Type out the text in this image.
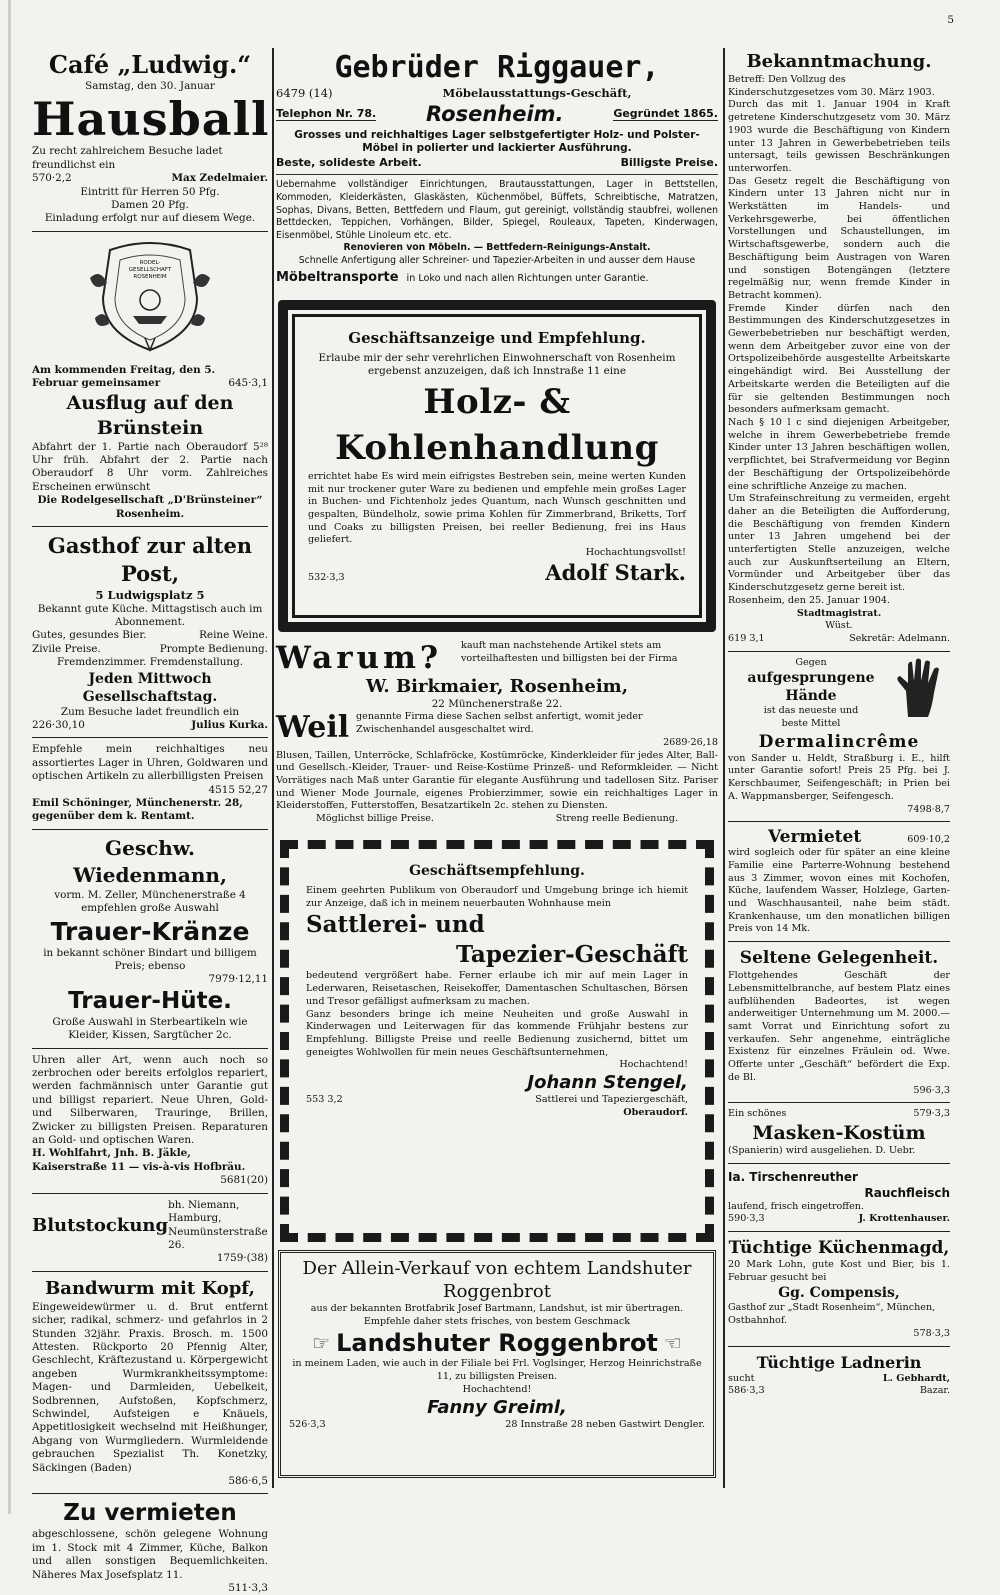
Café „Ludwig.“

Samstag, den 30. Januar

Hausball

Zu recht zahlreichem Besuche ladet freundlichst ein

570·2,2	Max Zedelmaier.

Eintritt für Herren 50 Pfg.

Damen 20 Pfg.

Einladung erfolgt nur auf diesem Wege.

RODEL-GESELLSCHAFT ROSENHEIM

Am kommenden Freitag, den 5. Februar gemeinsamer	645·3,1

Ausflug auf den Brünstein

Abfahrt der 1. Partie nach Oberaudorf 5²⁸ Uhr früh. Abfahrt der 2. Partie nach Oberaudorf 8 Uhr vorm. Zahlreiches Erscheinen erwünscht

Die Rodelgesellschaft „D'Brünsteiner“ Rosenheim.

Gasthof zur alten Post,

5 Ludwigsplatz 5

Bekannt gute Küche. Mittagstisch auch im Abonnement.

Gutes, gesundes Bier.	Reine Weine.
Zivile Preise.	Prompte Bedienung.

Fremdenzimmer. Fremdenstallung.

Jeden Mittwoch Gesellschaftstag.

Zum Besuche ladet freundlich ein

226·30,10	Julius Kurka.

Empfehle mein reichhaltiges neu assortiertes Lager in Uhren, Goldwaren und optischen Artikeln zu allerbilligsten Preisen

4515 52,27

Emil Schöninger, Münchenerstr. 28, gegenüber dem k. Rentamt.

Geschw. Wiedenmann,

vorm. M. Zeller, Münchenerstraße 4 empfehlen große Auswahl

Trauer-Kränze

in bekannt schöner Bindart und billigem Preis; ebenso

7979·12,11

Trauer-Hüte.

Große Auswahl in Sterbeartikeln wie Kleider, Kissen, Sargtücher 2c.

Uhren aller Art, wenn auch noch so zerbrochen oder bereits erfolglos repariert, werden fachmännisch unter Garantie gut und billigst repariert. Neue Uhren, Gold- und Silberwaren, Trauringe, Brillen, Zwicker zu billigsten Preisen. Reparaturen an Gold- und optischen Waren.

H. Wohlfahrt, Jnh. B. Jäkle, Kaiserstraße 11 — vis-à-vis Hofbräu.

5681(20)

Blutstockung
bh. Niemann, Hamburg, Neumünsterstraße 26.

1759·(38)

Bandwurm mit Kopf,

Eingeweidewürmer u. d. Brut entfernt sicher, radikal, schmerz- und gefahrlos in 2 Stunden 32jähr. Praxis. Brosch. m. 1500 Attesten. Rückporto 20 Pfennig Alter, Geschlecht, Kräftezustand u. Körpergewicht angeben Wurmkrankheitssymptome: Magen- und Darmleiden, Uebelkeit, Sodbrennen, Aufstoßen, Kopfschmerz, Schwindel, Aufsteigen e Knäuels, Appetitlosigkeit wechselnd mit Heißhunger, Abgang von Wurmgliedern. Wurmleidende gebrauchen Spezialist Th. Konetzky, Säckingen (Baden)

586·6,5

Zu vermieten

abgeschlossene, schön gelegene Wohnung im 1. Stock mit 4 Zimmer, Küche, Balkon und allen sonstigen Bequemlichkeiten. Näheres Max Josefsplatz 11.

511·3,3

Gebrüder Riggauer,

6479 (14)	Möbelausstattungs-Geschäft,
Telephon Nr. 78. Rosenheim.	Gegründet 1865.

Grosses und reichhaltiges Lager selbstgefertigter Holz- und Polster-

Möbel in polierter und lackierter Ausführung.

Beste, solideste Arbeit.	Billigste Preise.

Uebernahme vollständiger Einrichtungen, Brautausstattungen, Lager in Bettstellen, Kommoden, Kleiderkästen, Glaskästen, Küchenmöbel, Büffets, Schreibtische, Matratzen, Sophas, Divans, Betten, Bettfedern und Flaum, gut gereinigt, vollständig staubfrei, wollenen Bettdecken, Teppichen, Vorhängen, Bilder, Spiegel, Rouleaux, Tapeten, Kinderwagen, Eisenmöbel, Stühle Linoleum etc. etc.

Renovieren von Möbeln. — Bettfedern-Reinigungs-Anstalt.

Schnelle Anfertigung aller Schreiner- und Tapezier-Arbeiten in und ausser dem Hause

Möbeltransporte in Loko und nach allen Richtungen unter Garantie.

Geschäftsanzeige und Empfehlung.

Erlaube mir der sehr verehrlichen Einwohnerschaft von Rosenheim ergebenst anzuzeigen, daß ich Innstraße 11 eine

Holz- & Kohlenhandlung

errichtet habe Es wird mein eifrigstes Bestreben sein, meine werten Kunden mit nur trockener guter Ware zu bedienen und empfehle mein großes Lager in Buchen- und Fichtenholz jedes Quantum, nach Wunsch geschnitten und gespalten, Bündelholz, sowie prima Kohlen für Zimmerbrand, Briketts, Torf und Coaks zu billigsten Preisen, bei reeller Bedienung, frei ins Haus geliefert.

Hochachtungsvollst!

532·3,3	Adolf Stark.
Warum?	kauft man nachstehende Artikel stets am vorteilhaftesten und billigsten bei der Firma

W. Birkmaier, Rosenheim,

22 Münchenerstraße 22.

Weil genannte Firma diese Sachen selbst anfertigt, womit jeder Zwischenhandel ausgeschaltet wird.

2689·26,18

Blusen, Taillen, Unterröcke, Schlafröcke, Kostümröcke, Kinderkleider für jedes Alter, Ball- und Gesellsch.-Kleider, Trauer- und Reise-Kostüme Prinzeß- und Reformkleider. — Nicht Vorrätiges nach Maß unter Garantie für elegante Ausführung und tadellosen Sitz. Pariser und Wiener Mode Journale, eigenes Probierzimmer, sowie ein reichhaltiges Lager in Kleiderstoffen, Futterstoffen, Besatzartikeln 2c. stehen zu Diensten.

Möglichst billige Preise.	Streng reelle Bedienung.

Geschäftsempfehlung.

Einem geehrten Publikum von Oberaudorf und Umgebung bringe ich hiemit zur Anzeige, daß ich in meinem neuerbauten Wohnhause mein

Sattlerei- und

Tapezier-Geschäft

bedeutend vergrößert habe. Ferner erlaube ich mir auf mein Lager in Lederwaren, Reisetaschen, Reisekoffer, Damentaschen Schultaschen, Börsen und Tresor gefälligst aufmerksam zu machen.

Ganz besonders bringe ich meine Neuheiten und große Auswahl in Kinderwagen und Leiterwagen für das kommende Frühjahr bestens zur Empfehlung. Billigste Preise und reelle Bedienung zusichernd, bittet um geneigtes Wohlwollen für mein neues Geschäftsunternehmen,

Hochachtend!

Johann Stengel,

553 3,2	Sattlerei und Tapeziergeschäft,

Oberaudorf.

Der Allein-Verkauf von echtem Landshuter

Roggenbrot

aus der bekannten Brotfabrik Josef Bartmann, Landshut, ist mir übertragen.

Empfehle daher stets frisches, von bestem Geschmack

☞ Landshuter Roggenbrot ☜

in meinem Laden, wie auch in der Filiale bei Frl. Voglsinger, Herzog Heinrichstraße 11, zu billigsten Preisen.

Hochachtend!

Fanny Greiml,

526·3,3	28 Innstraße 28 neben Gastwirt Dengler.

5

Bekanntmachung.

Betreff: Den Vollzug des Kinderschutzgesetzes vom 30. März 1903.

Durch das mit 1. Januar 1904 in Kraft getretene Kinderschutzgesetz vom 30. März 1903 wurde die Beschäftigung von Kindern unter 13 Jahren in Gewerbebetrieben teils untersagt, teils gewissen Beschränkungen unterworfen.

Das Gesetz regelt die Beschäftigung von Kindern unter 13 Jahren nicht nur in Werkstätten im Handels- und Verkehrsgewerbe, bei öffentlichen Vorstellungen und Schaustellungen, im Wirtschaftsgewerbe, sondern auch die Beschäftigung beim Austragen von Waren und sonstigen Botengängen (letztere regelmäßig nur, wenn fremde Kinder in Betracht kommen).

Fremde Kinder dürfen nach den Bestimmungen des Kinderschutzgesetzes in Gewerbebetrieben nur beschäftigt werden, wenn dem Arbeitgeber zuvor eine von der Ortspolizeibehörde ausgestellte Arbeitskarte eingehändigt wird. Bei Ausstellung der Arbeitskarte werden die Beteiligten auf die für sie geltenden Bestimmungen noch besonders aufmerksam gemacht.

Nach § 10 l c sind diejenigen Arbeitgeber, welche in ihrem Gewerbebetriebe fremde Kinder unter 13 Jahren beschäftigen wollen, verpflichtet, bei Strafvermeidung vor Beginn der Beschäftigung der Ortspolizeibehörde eine schriftliche Anzeige zu machen.

Um Strafeinschreitung zu vermeiden, ergeht daher an die Beteiligten die Aufforderung, die Beschäftigung von fremden Kindern unter 13 Jahren umgehend bei der unterfertigten Stelle anzuzeigen, welche auch zur Auskunftserteilung an Eltern, Vormünder und Arbeitgeber über das Kinderschutzgesetz gerne bereit ist.

Rosenheim, den 25. Januar 1904.

Stadtmagistrat.

Wüst.

619 3,1	Sekretär: Adelmann.

Gegen

aufgesprungene Hände

ist das neueste und

beste Mittel

Dermalincrême

von Sander u. Heldt, Straßburg i. E., hilft unter Garantie sofort! Preis 25 Pfg. bei J. Kerschbaumer, Seifengeschäft; in Prien bei A. Wappmansberger, Seifengesch.

7498·8,7

Vermietet	609·10,2

wird sogleich oder für später an eine kleine Familie eine Parterre-Wohnung bestehend aus 3 Zimmer, wovon eines mit Kochofen, Küche, laufendem Wasser, Holzlege, Garten- und Waschhausanteil, nahe beim städt. Krankenhause, um den monatlichen billigen Preis von 14 Mk.

Seltene Gelegenheit.

Flottgehendes Geschäft der Lebensmittelbranche, auf bestem Platz eines aufblühenden Badeortes, ist wegen anderweitiger Unternehmung um M. 2000.— samt Vorrat und Einrichtung sofort zu verkaufen. Sehr angenehme, einträgliche Existenz für einzelnes Fräulein od. Wwe. Offerte unter „Geschäft“ befördert die Exp. de Bl.

596·3,3

Ein schönes	579·3,3

Masken-Kostüm

(Spanierin) wird ausgeliehen. D. Uebr.

Ia. Tirschenreuther

Rauchfleisch

laufend, frisch eingetroffen.

590·3,3	J. Krottenhauser.

Tüchtige Küchenmagd,

20 Mark Lohn, gute Kost und Bier, bis 1. Februar gesucht bei

Gg. Compensis,

Gasthof zur „Stadt Rosenheim“, München, Ostbahnhof.

578·3,3

Tüchtige Ladnerin

sucht	L. Gebhardt,
586·3,3	Bazar.
